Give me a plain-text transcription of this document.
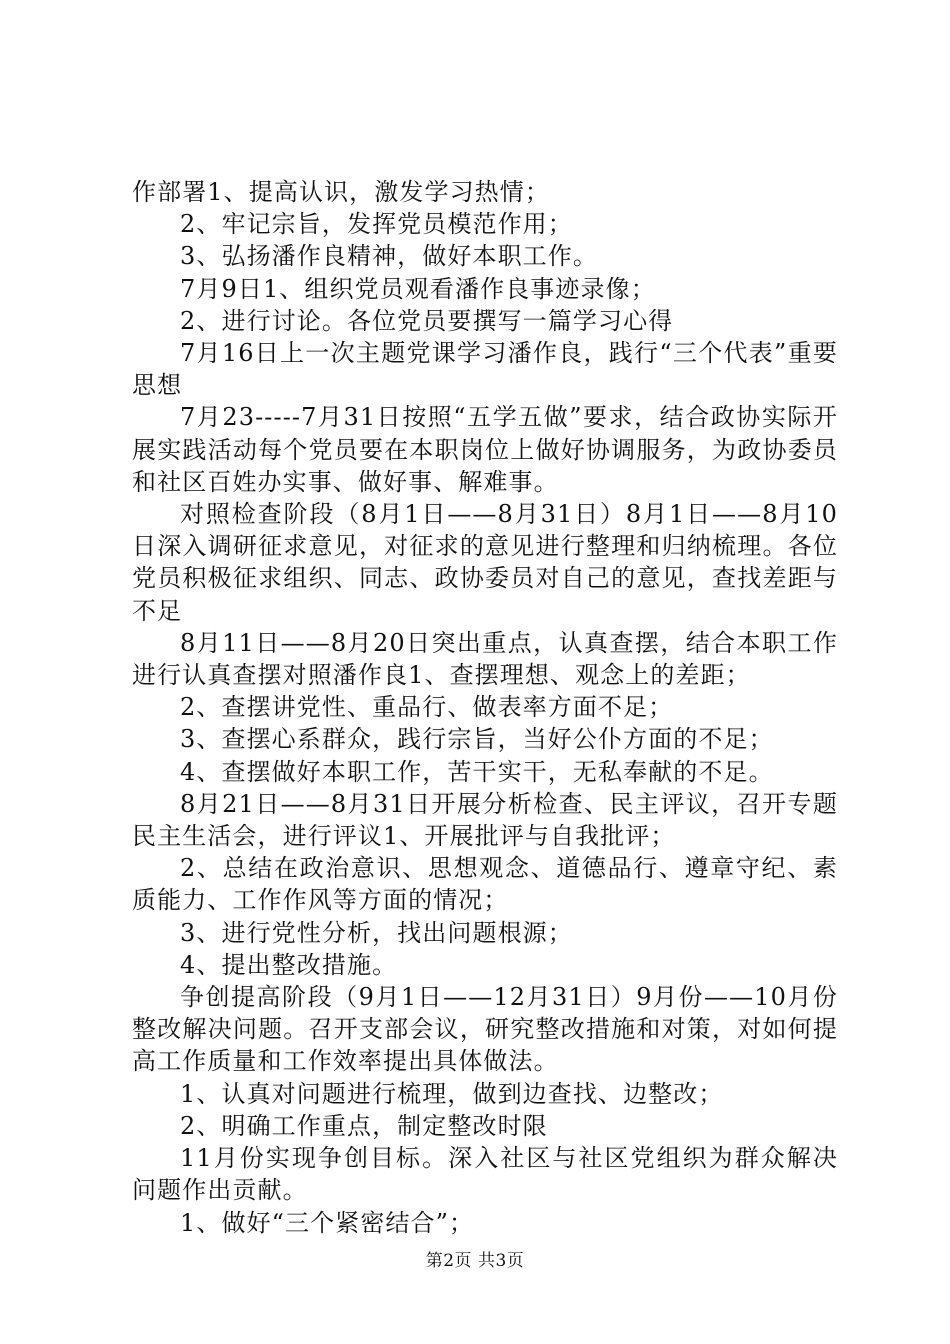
作部署1、提高认识，激发学习热情；

2、牢记宗旨，发挥党员模范作用；

3、弘扬潘作良精神，做好本职工作。

7月9日1、组织党员观看潘作良事迹录像；

2、进行讨论。各位党员要撰写一篇学习心得

7月16日上一次主题党课学习潘作良，践行“三个代表”重要思想

7月23-----7月31日按照“五学五做”要求，结合政协实际开展实践活动每个党员要在本职岗位上做好协调服务，为政协委员和社区百姓办实事、做好事、解难事。

对照检查阶段（8月1日——8月31日）8月1日——8月10日深入调研征求意见，对征求的意见进行整理和归纳梳理。各位党员积极征求组织、同志、政协委员对自己的意见，查找差距与不足

8月11日——8月20日突出重点，认真查摆，结合本职工作进行认真查摆对照潘作良1、查摆理想、观念上的差距；

2、查摆讲党性、重品行、做表率方面不足；

3、查摆心系群众，践行宗旨，当好公仆方面的不足；

4、查摆做好本职工作，苦干实干，无私奉献的不足。

8月21日——8月31日开展分析检查、民主评议，召开专题民主生活会，进行评议1、开展批评与自我批评；

2、总结在政治意识、思想观念、道德品行、遵章守纪、素质能力、工作作风等方面的情况；

3、进行党性分析，找出问题根源；

4、提出整改措施。

争创提高阶段（9月1日——12月31日）9月份——10月份整改解决问题。召开支部会议，研究整改措施和对策，对如何提高工作质量和工作效率提出具体做法。

1、认真对问题进行梳理，做到边查找、边整改；

2、明确工作重点，制定整改时限

11月份实现争创目标。深入社区与社区党组织为群众解决问题作出贡献。

1、做好“三个紧密结合”；

第2页 共3页
